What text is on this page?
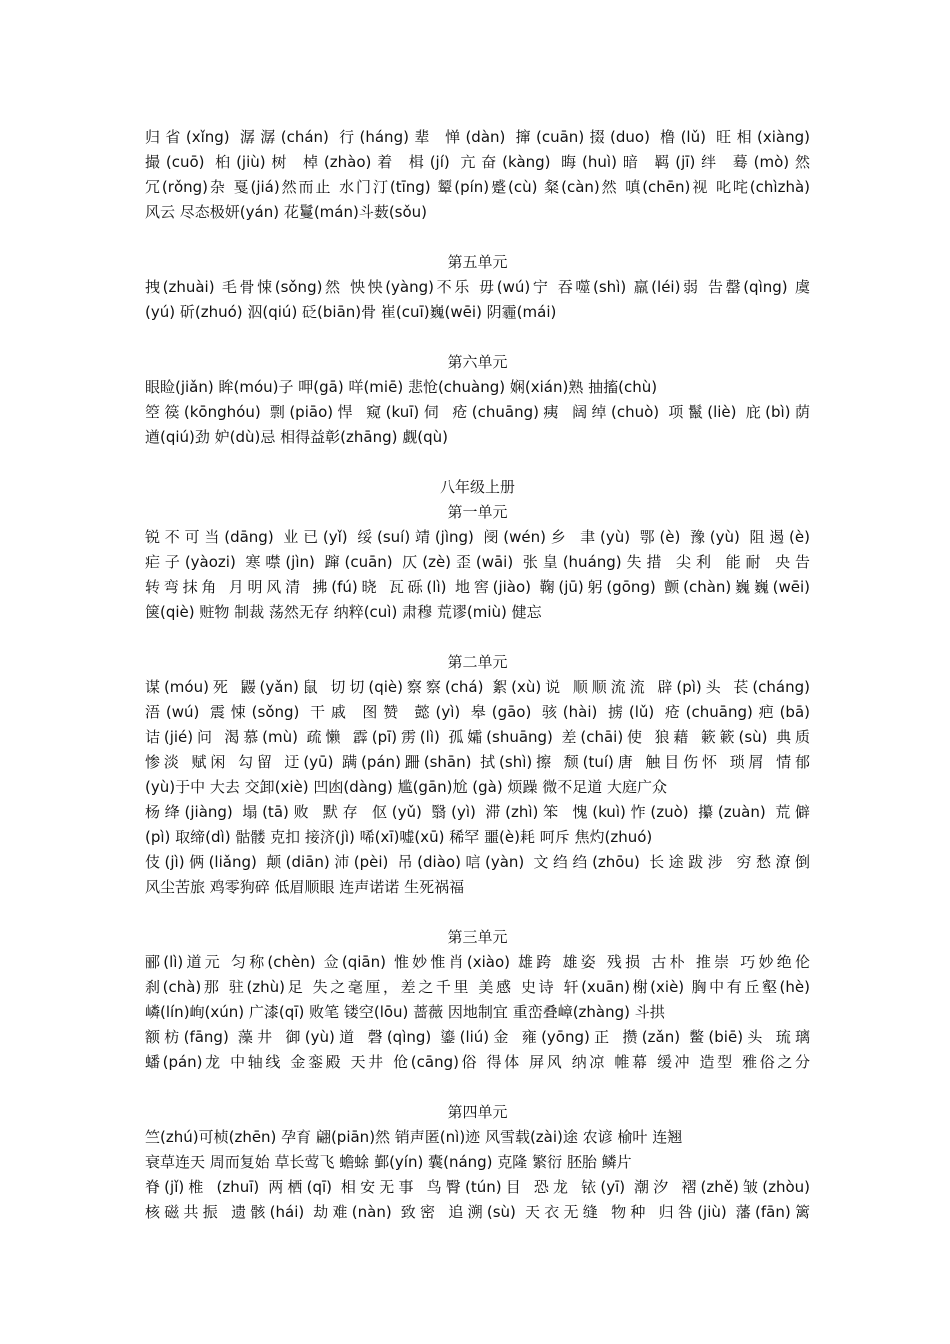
归省(xǐng) 潺潺(chán) 行(háng)辈 惮(dàn) 撺(cuān)掇(duo) 橹(lǔ) 旺相(xiàng)
撮(cuō) 桕(jiù)树 棹(zhào)着 楫(jí) 亢奋(kàng) 晦(huì)暗 羁(jī)绊 蓦(mò)然
冗(rǒng)杂 戛(jiá)然而止 水门汀(tīng) 颦(pín)蹙(cù) 粲(càn)然 嗔(chēn)视 叱咤(chìzhà)
风云 尽态极妍(yán) 花鬘(mán)斗薮(sǒu)
第五单元
拽(zhuài) 毛骨悚(sǒng)然 怏怏(yàng)不乐 毋(wú)宁 吞噬(shì) 羸(léi)弱 告罄(qìng) 虞
(yú) 斫(zhuó) 泅(qiú) 砭(biān)骨 崔(cuī)巍(wēi) 阴霾(mái)
第六单元
眼睑(jiǎn) 眸(móu)子 呷(gā) 咩(miē) 悲怆(chuàng) 娴(xián)熟 抽搐(chù)
箜篌(kōnghóu) 剽(piāo)悍 窥(kuī)伺 疮(chuāng)痍 阔绰(chuò) 项鬣(liè) 庇(bì)荫
遒(qiú)劲 妒(dù)忌 相得益彰(zhāng) 觑(qù)
八年级上册
第一单元
锐不可当(dāng) 业已(yǐ) 绥(suí)靖(jìng) 阌(wén)乡 聿(yù) 鄂(è) 豫(yù) 阻遏(è)
疟子(yàozi) 寒噤(jìn) 蹿(cuān) 仄(zè)歪(wāi) 张皇(huáng)失措 尖利 能耐 央告
转弯抹角 月明风清 拂(fú)晓 瓦砾(lì) 地窖(jiào) 鞠(jū)躬(gōng) 颤(chàn)巍巍(wēi)
箧(qiè) 赃物 制裁 荡然无存 纳粹(cuì) 肃穆 荒谬(miù) 健忘
第二单元
谋(móu)死 鼹(yǎn)鼠 切切(qiè)察察(chá) 絮(xù)说 顺顺流流 辟(pì)头 苌(cháng)
浯(wú) 震悚(sǒng) 干戚 图赞 懿(yì) 皋(gāo) 骇(hài) 掳(lǔ) 疮(chuāng)疤(bā)
诘(jié)问 渴慕(mù) 疏懒 霹(pī)雳(lì) 孤孀(shuāng) 差(chāi)使 狼藉 簌簌(sù) 典质
惨淡 赋闲 勾留 迂(yū) 蹒(pán)跚(shān) 拭(shì)擦 颓(tuí)唐 触目伤怀 琐屑 情郁
(yù)于中 大去 交卸(xiè) 凹凼(dàng) 尴(gān)尬 (gà) 烦躁 微不足道 大庭广众
杨绛(jiàng) 塌(tā)败 默存 伛(yǔ) 翳(yì) 滞(zhì)笨 愧(kuì)怍(zuò) 攥(zuàn) 荒僻
(pì) 取缔(dì) 骷髅 克扣 接济(jì) 唏(xī)嘘(xū) 稀罕 噩(è)耗 呵斥 焦灼(zhuó)
伎(jì)俩(liǎng) 颠(diān)沛(pèi) 吊(diào)唁(yàn) 文绉绉(zhōu) 长途跋涉 穷愁潦倒
风尘苦旅 鸡零狗碎 低眉顺眼 连声诺诺 生死祸福
第三单元
郦(lì)道元 匀称(chèn) 佥(qiān) 惟妙惟肖(xiào) 雄跨 雄姿 残损 古朴 推崇 巧妙绝伦
刹(chà)那 驻(zhù)足 失之毫厘，差之千里 美感 史诗 轩(xuān)榭(xiè) 胸中有丘壑(hè)
嶙(lín)峋(xún) 广漆(qī) 败笔 镂空(lōu) 蔷薇 因地制宜 重峦叠嶂(zhàng) 斗拱
额枋(fāng) 藻井 御(yù)道 磬(qìng) 鎏(liú)金 雍(yōng)正 攒(zǎn) 鳖(biē)头 琉璃
蟠(pán)龙 中轴线 金銮殿 天井 伧(cāng)俗 得体 屏风 纳凉 帷幕 缓冲 造型 雅俗之分
第四单元
竺(zhú)可桢(zhēn) 孕育 翩(piān)然 销声匿(nì)迹 风雪载(zài)途 农谚 榆叶 连翘
衰草连天 周而复始 草长莺飞 蟾蜍 鄞(yín) 囊(náng) 克隆 繁衍 胚胎 鳞片
脊(jǐ)椎 (zhuī) 两栖(qī) 相安无事 鸟臀(tún)目 恐龙 铱(yī) 潮汐 褶(zhě)皱(zhòu)
核磁共振 遗骸(hái) 劫难(nàn) 致密 追溯(sù) 天衣无缝 物种 归咎(jiù) 藩(fān)篱
